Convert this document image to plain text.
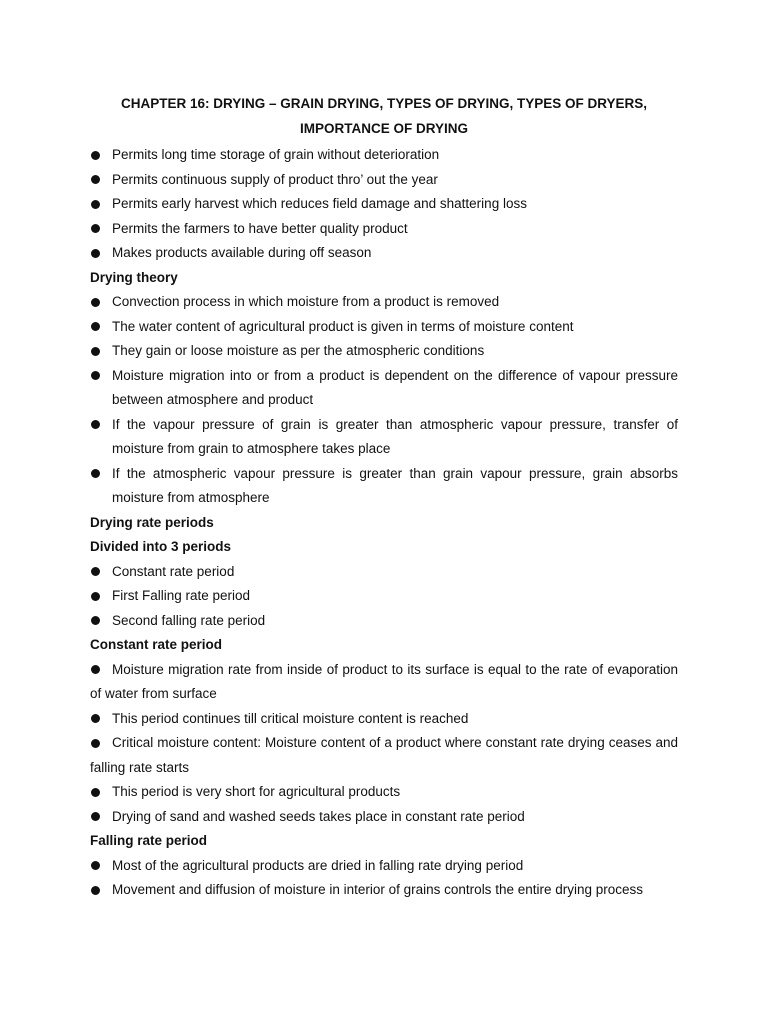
CHAPTER 16: DRYING – GRAIN DRYING, TYPES OF DRYING, TYPES OF DRYERS,
IMPORTANCE OF DRYING
Permits long time storage of grain without deterioration
Permits continuous supply of product thro’ out the year
Permits early harvest which reduces field damage and shattering loss
Permits the farmers to have better quality product
Makes products available during off season

Drying theory

Convection process in which moisture from a product is removed
The water content of agricultural product is given in terms of moisture content
They gain or loose moisture as per the atmospheric conditions
Moisture migration into or from a product is dependent on the difference of vapour pressure between atmosphere and product
If the vapour pressure of grain is greater than atmospheric vapour pressure, transfer of moisture from grain to atmosphere takes place
If the atmospheric vapour pressure is greater than grain vapour pressure, grain absorbs moisture from atmosphere

Drying rate periods

Divided into 3 periods

Constant rate period
First Falling rate period
Second falling rate period

Constant rate period

Moisture migration rate from inside of product to its surface is equal to the rate of evaporation of water from surface
This period continues till critical moisture content is reached
Critical moisture content: Moisture content of a product where constant rate drying ceases and falling rate starts
This period is very short for agricultural products
Drying of sand and washed seeds takes place in constant rate period

Falling rate period

Most of the agricultural products are dried in falling rate drying period
Movement and diffusion of moisture in interior of grains controls the entire drying process
